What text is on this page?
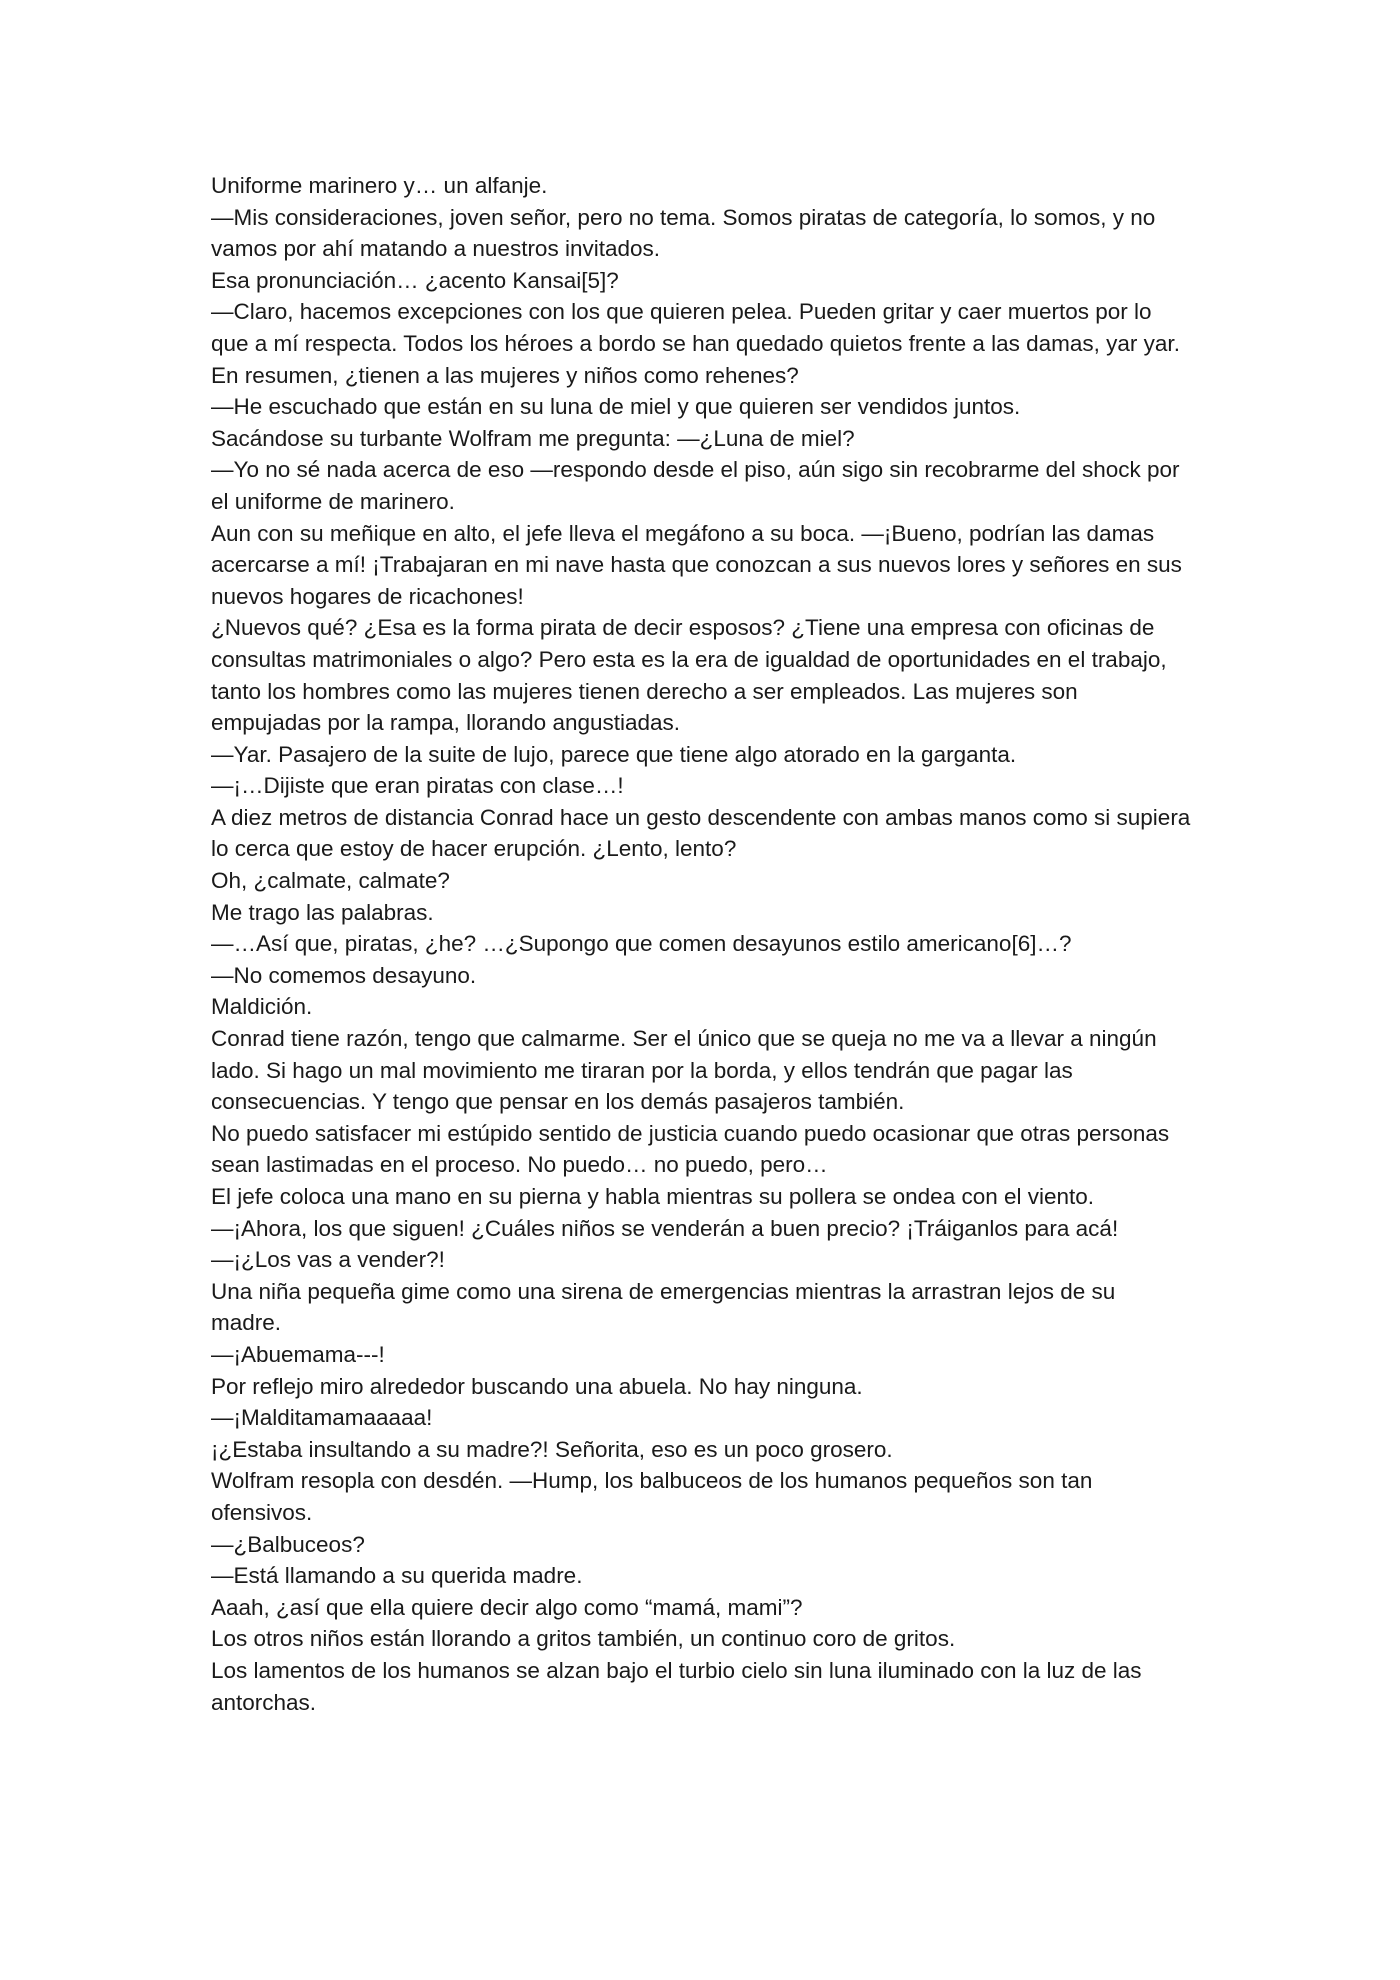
Uniforme marinero y… un alfanje.

—Mis consideraciones, joven señor, pero no tema. Somos piratas de categoría, lo somos, y no vamos por ahí matando a nuestros invitados.

Esa pronunciación… ¿acento Kansai[5]?

—Claro, hacemos excepciones con los que quieren pelea. Pueden gritar y caer muertos por lo que a mí respecta. Todos los héroes a bordo se han quedado quietos frente a las damas, yar yar.

En resumen, ¿tienen a las mujeres y niños como rehenes?

—He escuchado que están en su luna de miel y que quieren ser vendidos juntos.

Sacándose su turbante Wolfram me pregunta: —¿Luna de miel?

—Yo no sé nada acerca de eso —respondo desde el piso, aún sigo sin recobrarme del shock por el uniforme de marinero.

Aun con su meñique en alto, el jefe lleva el megáfono a su boca. —¡Bueno, podrían las damas acercarse a mí! ¡Trabajaran en mi nave hasta que conozcan a sus nuevos lores y señores en sus nuevos hogares de ricachones!

¿Nuevos qué? ¿Esa es la forma pirata de decir esposos? ¿Tiene una empresa con oficinas de consultas matrimoniales o algo? Pero esta es la era de igualdad de oportunidades en el trabajo, tanto los hombres como las mujeres tienen derecho a ser empleados. Las mujeres son empujadas por la rampa, llorando angustiadas.

—Yar. Pasajero de la suite de lujo, parece que tiene algo atorado en la garganta.

—¡…Dijiste que eran piratas con clase…!

A diez metros de distancia Conrad hace un gesto descendente con ambas manos como si supiera lo cerca que estoy de hacer erupción. ¿Lento, lento?

Oh, ¿calmate, calmate?

Me trago las palabras.

—…Así que, piratas, ¿he? …¿Supongo que comen desayunos estilo americano[6]…?

—No comemos desayuno.

Maldición.

Conrad tiene razón, tengo que calmarme. Ser el único que se queja no me va a llevar a ningún lado. Si hago un mal movimiento me tiraran por la borda, y ellos tendrán que pagar las consecuencias. Y tengo que pensar en los demás pasajeros también.

No puedo satisfacer mi estúpido sentido de justicia cuando puedo ocasionar que otras personas sean lastimadas en el proceso. No puedo… no puedo, pero…

El jefe coloca una mano en su pierna y habla mientras su pollera se ondea con el viento.

—¡Ahora, los que siguen! ¿Cuáles niños se venderán a buen precio? ¡Tráiganlos para acá!

—¡¿Los vas a vender?!

Una niña pequeña gime como una sirena de emergencias mientras la arrastran lejos de su madre.

—¡Abuemama---!

Por reflejo miro alrededor buscando una abuela. No hay ninguna.

—¡Malditamamaaaaa!

¡¿Estaba insultando a su madre?! Señorita, eso es un poco grosero.

Wolfram resopla con desdén. —Hump, los balbuceos de los humanos pequeños son tan ofensivos.

—¿Balbuceos?

—Está llamando a su querida madre.

Aaah, ¿así que ella quiere decir algo como “mamá, mami”?

Los otros niños están llorando a gritos también, un continuo coro de gritos.

Los lamentos de los humanos se alzan bajo el turbio cielo sin luna iluminado con la luz de las antorchas.
